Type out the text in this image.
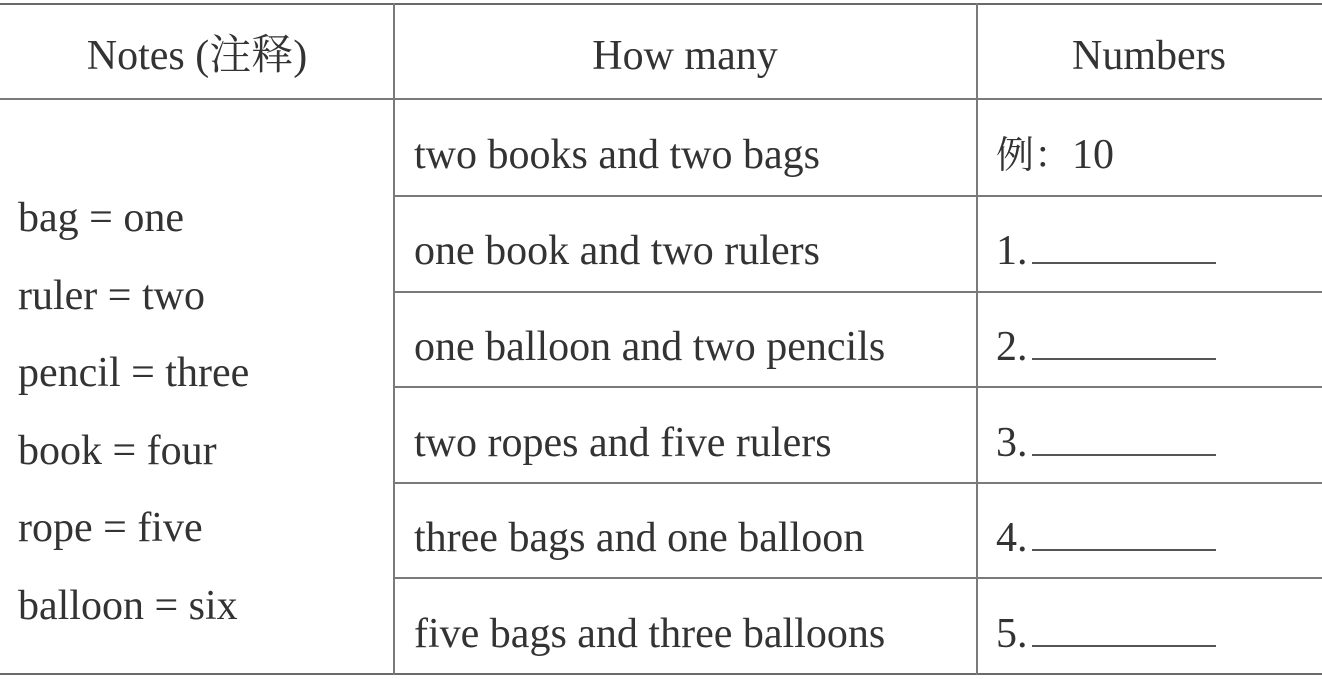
Notes (注释)	How many	Numbers
bag = one
ruler = two
pencil = three
book = four
rope = five
balloon = six
two books and two bags
one book and two rulers
one balloon and two pencils
two ropes and five rulers
three bags and one balloon
five bags and three balloons
例：10
1.
2.
3.
4.
5.
